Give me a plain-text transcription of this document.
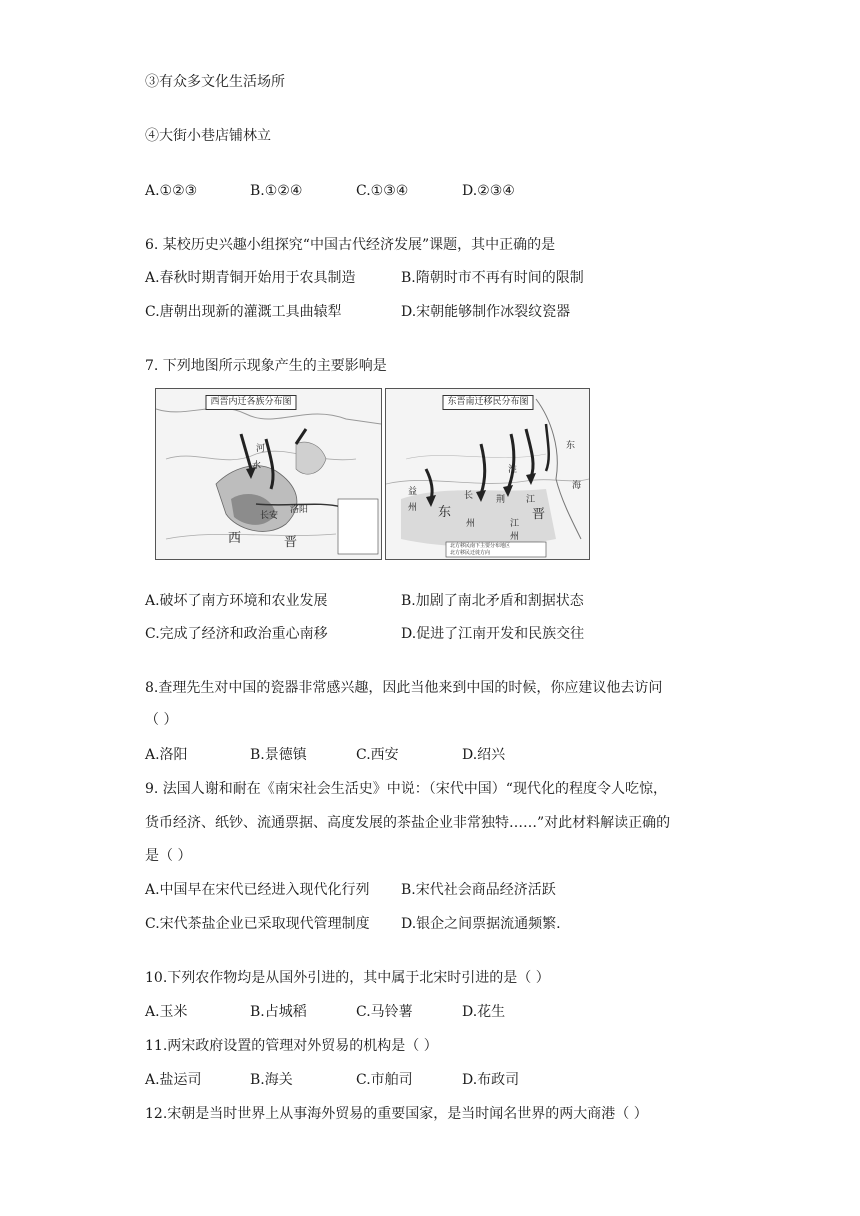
③有众多文化生活场所
④大街小巷店铺林立
A.①②③	B.①②④	C.①③④	D.②③④
6. 某校历史兴趣小组探究“中国古代经济发展”课题，其中正确的是
A.春秋时期青铜开始用于农具制造	B.隋朝时市不再有时间的限制
C.唐朝出现新的灌溉工具曲辕犁	D.宋朝能够制作冰裂纹瓷器
7. 下列地图所示现象产生的主要影响是
西晋内迁各族分布图
河
水
长安
洛阳
西	晋
东晋南迁移民分布图
东
海
淮
益
州
长	荆 江
东
州	江
州
晋
北方移民南下主要分布地区
北方移民迁徙方向
A.破坏了南方环境和农业发展	B.加剧了南北矛盾和割据状态
C.完成了经济和政治重心南移	D.促进了江南开发和民族交往
8.查理先生对中国的瓷器非常感兴趣，因此当他来到中国的时候，你应建议他去访问
（ ）
A.洛阳	B.景德镇	C.西安	D.绍兴
9. 法国人谢和耐在《南宋社会生活史》中说：（宋代中国）“现代化的程度令人吃惊，
货币经济、纸钞、流通票据、高度发展的茶盐企业非常独特……”对此材料解读正确的
是（ ）
A.中国早在宋代已经进入现代化行列 B.宋代社会商品经济活跃
C.宋代茶盐企业已采取现代管理制度 D.银企之间票据流通频繁.
10.下列农作物均是从国外引进的，其中属于北宋时引进的是（ ）
A.玉米	B.占城稻	C.马铃薯	D.花生
11.两宋政府设置的管理对外贸易的机构是（ ）
A.盐运司	B.海关	C.市舶司	D.布政司
12.宋朝是当时世界上从事海外贸易的重要国家，是当时闻名世界的两大商港（ ）
